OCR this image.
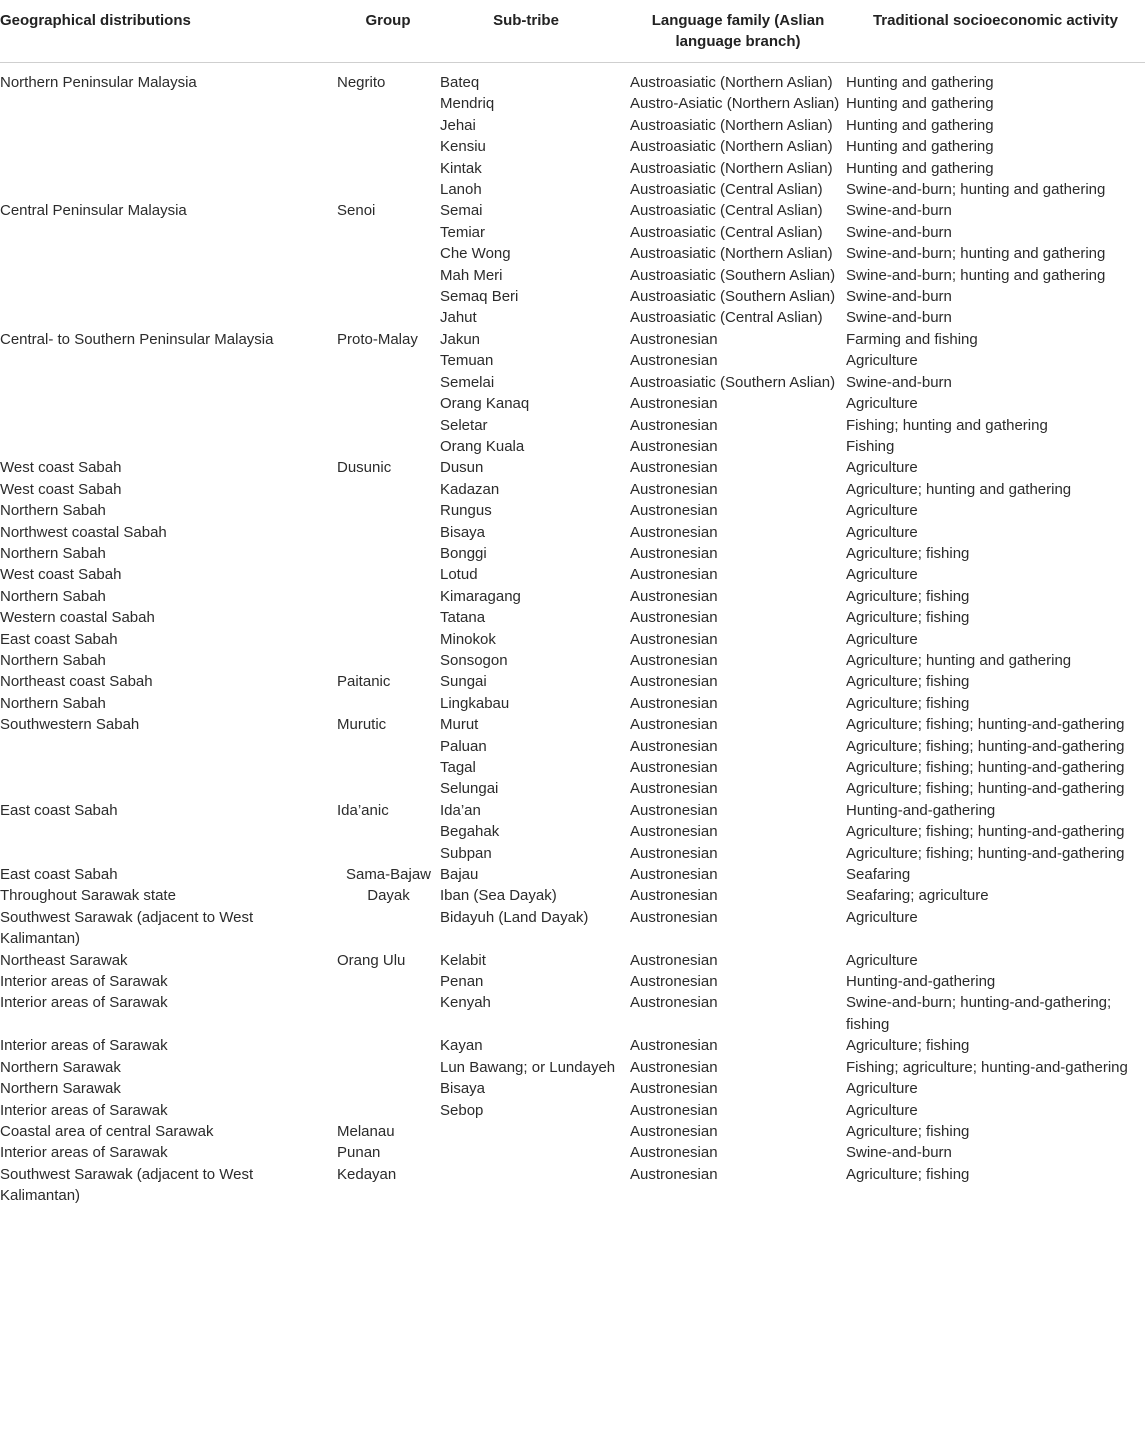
Geographical distributions	Group	Sub-tribe	Language family (Aslian language branch)	Traditional socioeconomic activity
Northern Peninsular Malaysia	Negrito	Bateq	Austroasiatic (Northern Aslian)	Hunting and gathering
		Mendriq	Austro-Asiatic (Northern Aslian)	Hunting and gathering
		Jehai	Austroasiatic (Northern Aslian)	Hunting and gathering
		Kensiu	Austroasiatic (Northern Aslian)	Hunting and gathering
		Kintak	Austroasiatic (Northern Aslian)	Hunting and gathering
		Lanoh	Austroasiatic (Central Aslian)	Swine-and-burn; hunting and gathering
Central Peninsular Malaysia	Senoi	Semai	Austroasiatic (Central Aslian)	Swine-and-burn
		Temiar	Austroasiatic (Central Aslian)	Swine-and-burn
		Che Wong	Austroasiatic (Northern Aslian)	Swine-and-burn; hunting and gathering
		Mah Meri	Austroasiatic (Southern Aslian)	Swine-and-burn; hunting and gathering
		Semaq Beri	Austroasiatic (Southern Aslian)	Swine-and-burn
		Jahut	Austroasiatic (Central Aslian)	Swine-and-burn
Central- to Southern Peninsular Malaysia	Proto-Malay	Jakun	Austronesian	Farming and fishing
		Temuan	Austronesian	Agriculture
		Semelai	Austroasiatic (Southern Aslian)	Swine-and-burn
		Orang Kanaq	Austronesian	Agriculture
		Seletar	Austronesian	Fishing; hunting and gathering
		Orang Kuala	Austronesian	Fishing
West coast Sabah	Dusunic	Dusun	Austronesian	Agriculture
West coast Sabah		Kadazan	Austronesian	Agriculture; hunting and gathering
Northern Sabah		Rungus	Austronesian	Agriculture
Northwest coastal Sabah		Bisaya	Austronesian	Agriculture
Northern Sabah		Bonggi	Austronesian	Agriculture; fishing
West coast Sabah		Lotud	Austronesian	Agriculture
Northern Sabah		Kimaragang	Austronesian	Agriculture; fishing
Western coastal Sabah		Tatana	Austronesian	Agriculture; fishing
East coast Sabah		Minokok	Austronesian	Agriculture
Northern Sabah		Sonsogon	Austronesian	Agriculture; hunting and gathering
Northeast coast Sabah	Paitanic	Sungai	Austronesian	Agriculture; fishing
Northern Sabah		Lingkabau	Austronesian	Agriculture; fishing
Southwestern Sabah	Murutic	Murut	Austronesian	Agriculture; fishing; hunting-and-gathering
		Paluan	Austronesian	Agriculture; fishing; hunting-and-gathering
		Tagal	Austronesian	Agriculture; fishing; hunting-and-gathering
		Selungai	Austronesian	Agriculture; fishing; hunting-and-gathering
East coast Sabah	Ida’anic	Ida’an	Austronesian	Hunting-and-gathering
		Begahak	Austronesian	Agriculture; fishing; hunting-and-gathering
		Subpan	Austronesian	Agriculture; fishing; hunting-and-gathering
East coast Sabah	Sama-Bajaw	Bajau	Austronesian	Seafaring
Throughout Sarawak state	Dayak	Iban (Sea Dayak)	Austronesian	Seafaring; agriculture
Southwest Sarawak (adjacent to West Kalimantan)		Bidayuh (Land Dayak)	Austronesian	Agriculture
Northeast Sarawak	Orang Ulu	Kelabit	Austronesian	Agriculture
Interior areas of Sarawak		Penan	Austronesian	Hunting-and-gathering
Interior areas of Sarawak		Kenyah	Austronesian	Swine-and-burn; hunting-and-gathering; fishing
Interior areas of Sarawak		Kayan	Austronesian	Agriculture; fishing
Northern Sarawak		Lun Bawang; or Lundayeh	Austronesian	Fishing; agriculture; hunting-and-gathering
Northern Sarawak		Bisaya	Austronesian	Agriculture
Interior areas of Sarawak		Sebop	Austronesian	Agriculture
Coastal area of central Sarawak	Melanau		Austronesian	Agriculture; fishing
Interior areas of Sarawak	Punan		Austronesian	Swine-and-burn
Southwest Sarawak (adjacent to West Kalimantan)	Kedayan		Austronesian	Agriculture; fishing
